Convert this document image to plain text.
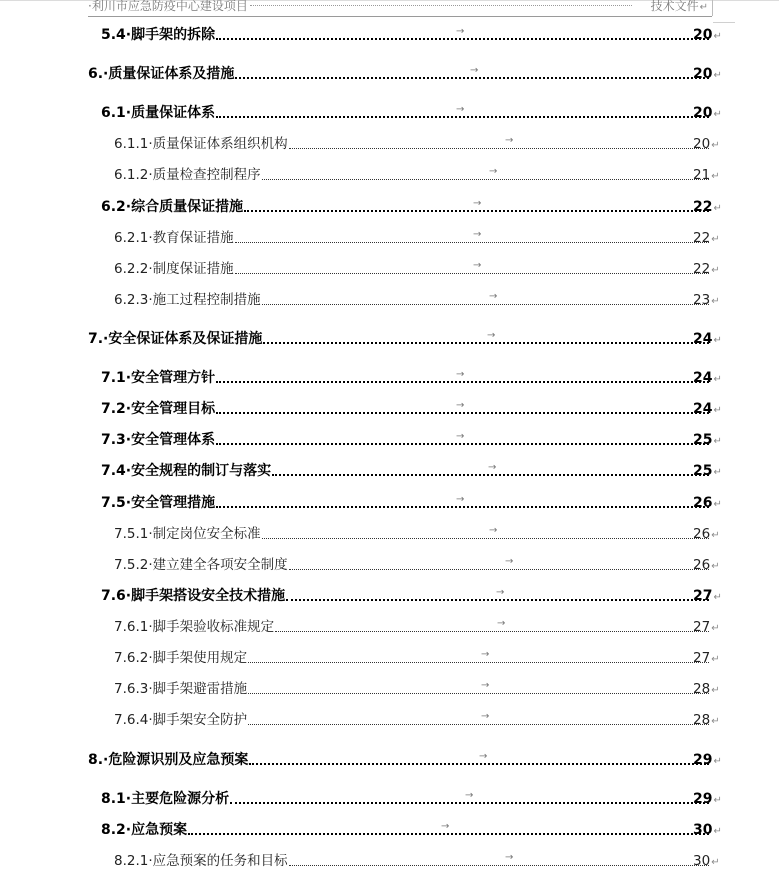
·利川市应急防疫中心建设项目	技术文件↵
5.4·脚手架的拆除	→	20↵
6.·质量保证体系及措施	→	20↵
6.1·质量保证体系	→	20↵
6.1.1·质量保证体系组织机构	→	20↵
6.1.2·质量检查控制程序	→	21↵
6.2·综合质量保证措施	→	22↵
6.2.1·教育保证措施	→	22↵
6.2.2·制度保证措施	→	22↵
6.2.3·施工过程控制措施	→	23↵
7.·安全保证体系及保证措施	→	24↵
7.1·安全管理方针	→	24↵
7.2·安全管理目标	→	24↵
7.3·安全管理体系	→	25↵
7.4·安全规程的制订与落实	→	25↵
7.5·安全管理措施	→	26↵
7.5.1·制定岗位安全标准	→	26↵
7.5.2·建立建全各项安全制度	→	26↵
7.6·脚手架搭设安全技术措施	→	27↵
7.6.1·脚手架验收标准规定	→	27↵
7.6.2·脚手架使用规定	→	27↵
7.6.3·脚手架避雷措施	→	28↵
7.6.4·脚手架安全防护	→	28↵
8.·危险源识别及应急预案	→	29↵
8.1·主要危险源分析	→	29↵
8.2·应急预案	→	30↵
8.2.1·应急预案的任务和目标	→	30↵
